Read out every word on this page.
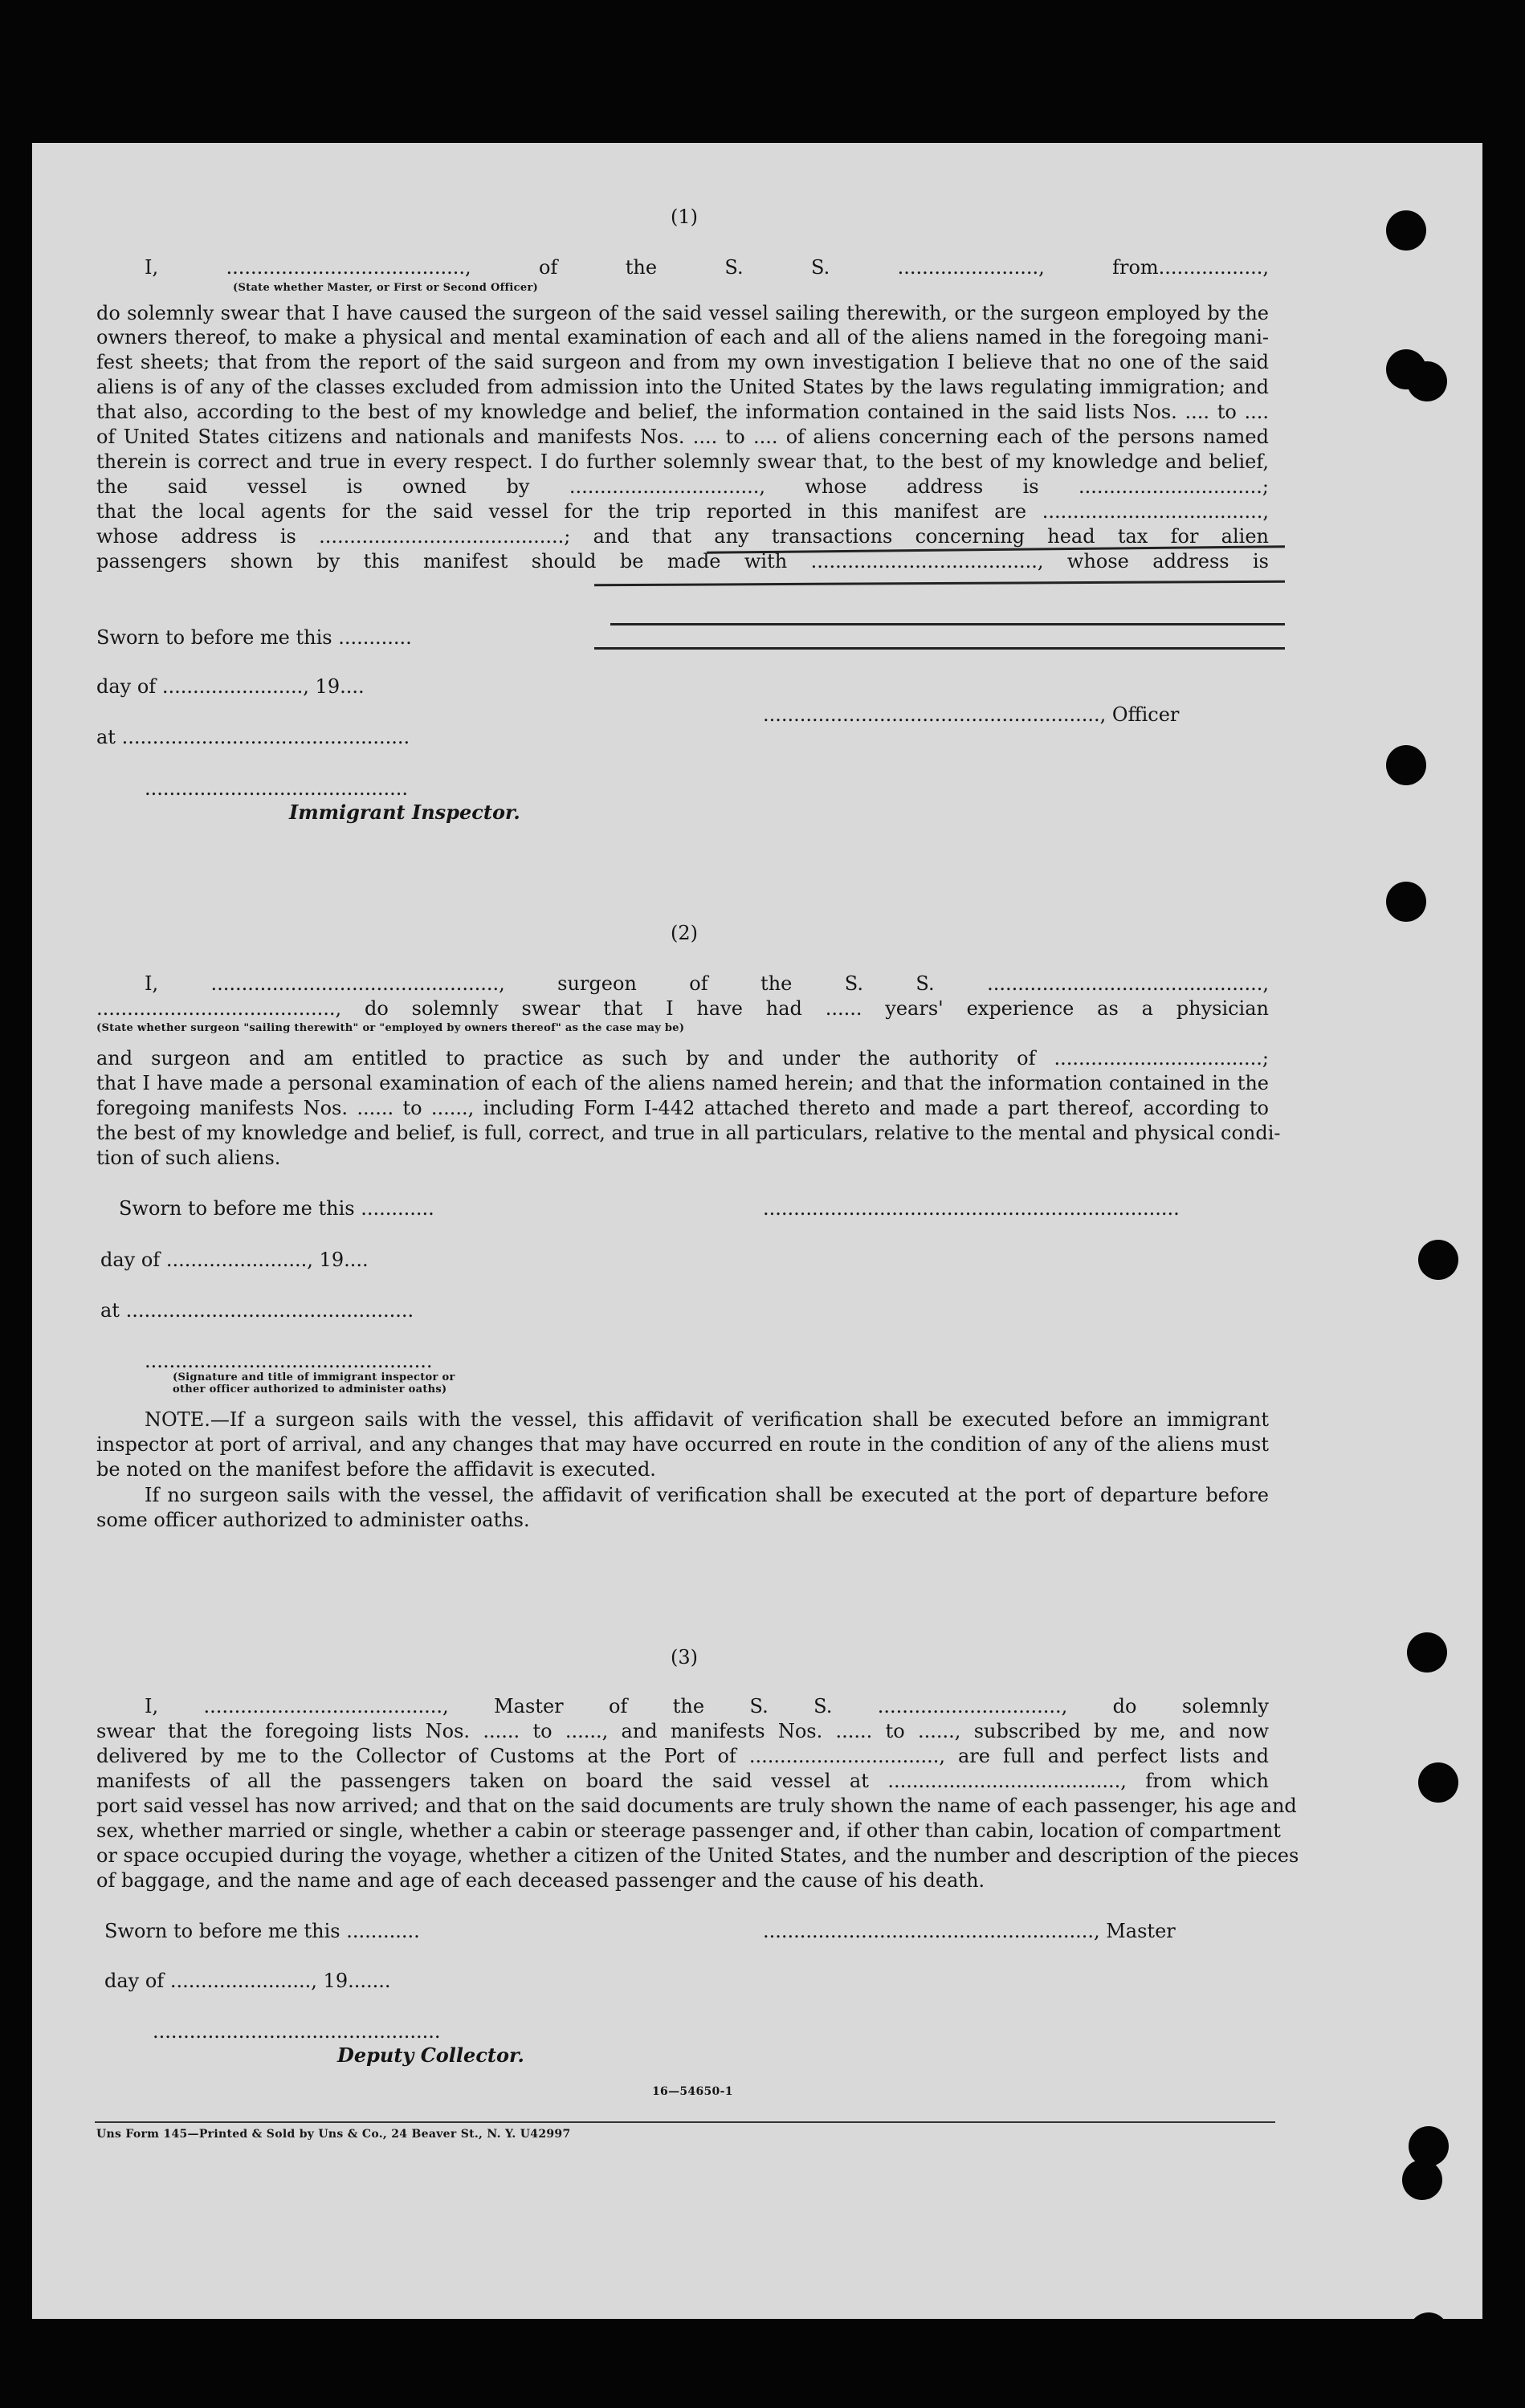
(1)
I, ......................................., of the S. S. ......................., from.................,
(State whether Master, or First or Second Officer)
do solemnly swear that I have caused the surgeon of the said vessel sailing therewith, or the surgeon employed by the
owners thereof, to make a physical and mental examination of each and all of the aliens named in the foregoing mani-
fest sheets; that from the report of the said surgeon and from my own investigation I believe that no one of the said
aliens is of any of the classes excluded from admission into the United States by the laws regulating immigration; and
that also, according to the best of my knowledge and belief, the information contained in the said lists Nos. .... to ....
of United States citizens and nationals and manifests Nos. .... to .... of aliens concerning each of the persons named
therein is correct and true in every respect. I do further solemnly swear that, to the best of my knowledge and belief,
the said vessel is owned by ..............................., whose address is ..............................;
that the local agents for the said vessel for the trip reported in this manifest are ....................................,
whose address is ........................................; and that any transactions concerning head tax for alien
passengers shown by this manifest should be made with ....................................., whose address is
Sworn to before me this ............
day of ......................., 19....
......................................................., Officer
at ...............................................
...........................................
Immigrant Inspector.
(2)
I, ..............................................., surgeon of the S. S. .............................................,
......................................., do solemnly swear that I have had ...... years' experience as a physician
(State whether surgeon "sailing therewith" or "employed by owners thereof" as the case may be)
and surgeon and am entitled to practice as such by and under the authority of ..................................;
that I have made a personal examination of each of the aliens named herein; and that the information contained in the
foregoing manifests Nos. ...... to ......, including Form I-442 attached thereto and made a part thereof, according to
the best of my knowledge and belief, is full, correct, and true in all particulars, relative to the mental and physical condi-
tion of such aliens.
Sworn to before me this ............	....................................................................
day of ......................., 19....
at ...............................................
...............................................
(Signature and title of immigrant inspector or
other officer authorized to administer oaths)
NOTE.—If a surgeon sails with the vessel, this affidavit of verification shall be executed before an immigrant
inspector at port of arrival, and any changes that may have occurred en route in the condition of any of the aliens must
be noted on the manifest before the affidavit is executed.
If no surgeon sails with the vessel, the affidavit of verification shall be executed at the port of departure before
some officer authorized to administer oaths.
(3)
I, ......................................., Master of the S. S. .............................., do solemnly
swear that the foregoing lists Nos. ...... to ......, and manifests Nos. ...... to ......, subscribed by me, and now
delivered by me to the Collector of Customs at the Port of ..............................., are full and perfect lists and
manifests of all the passengers taken on board the said vessel at ......................................, from which
port said vessel has now arrived; and that on the said documents are truly shown the name of each passenger, his age and
sex, whether married or single, whether a cabin or steerage passenger and, if other than cabin, location of compartment
or space occupied during the voyage, whether a citizen of the United States, and the number and description of the pieces
of baggage, and the name and age of each deceased passenger and the cause of his death.
Sworn to before me this ............	......................................................, Master
day of ......................., 19.......
...............................................
Deputy Collector.
16—54650-1
Uns Form 145—Printed & Sold by Uns & Co., 24 Beaver St., N. Y. U42997
